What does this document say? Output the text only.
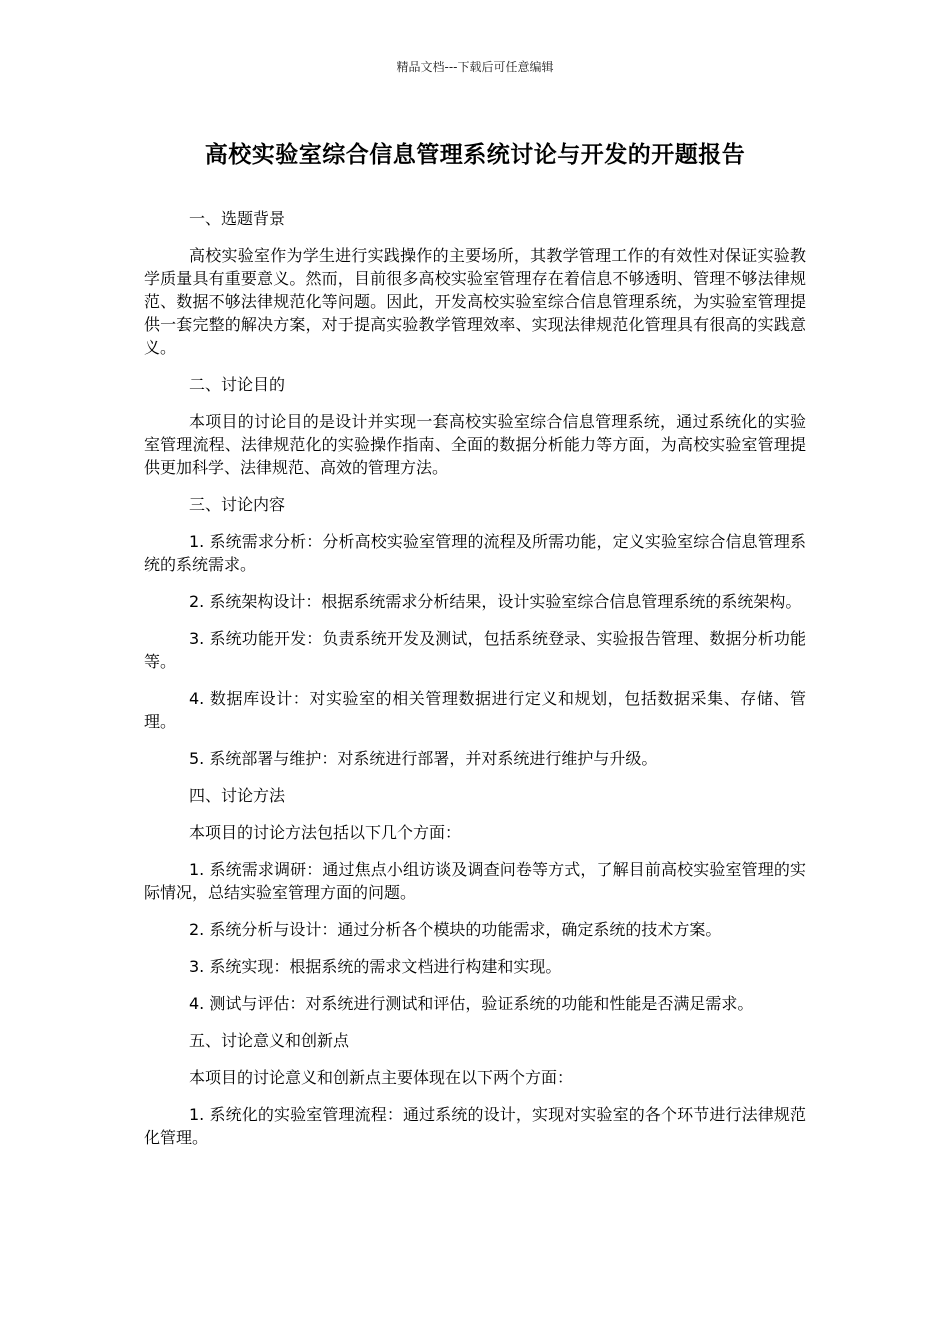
精品文档---下载后可任意编辑
高校实验室综合信息管理系统讨论与开发的开题报告

一、选题背景

高校实验室作为学生进行实践操作的主要场所，其教学管理工作的有效性对保证实验教学质量具有重要意义。然而，目前很多高校实验室管理存在着信息不够透明、管理不够法律规范、数据不够法律规范化等问题。因此，开发高校实验室综合信息管理系统，为实验室管理提供一套完整的解决方案，对于提高实验教学管理效率、实现法律规范化管理具有很高的实践意义。

二、讨论目的

本项目的讨论目的是设计并实现一套高校实验室综合信息管理系统，通过系统化的实验室管理流程、法律规范化的实验操作指南、全面的数据分析能力等方面，为高校实验室管理提供更加科学、法律规范、高效的管理方法。

三、讨论内容

1. 系统需求分析：分析高校实验室管理的流程及所需功能，定义实验室综合信息管理系统的系统需求。

2. 系统架构设计：根据系统需求分析结果，设计实验室综合信息管理系统的系统架构。

3. 系统功能开发：负责系统开发及测试，包括系统登录、实验报告管理、数据分析功能等。

4. 数据库设计：对实验室的相关管理数据进行定义和规划，包括数据采集、存储、管理。

5. 系统部署与维护：对系统进行部署，并对系统进行维护与升级。

四、讨论方法

本项目的讨论方法包括以下几个方面：

1. 系统需求调研：通过焦点小组访谈及调查问卷等方式，了解目前高校实验室管理的实际情况，总结实验室管理方面的问题。

2. 系统分析与设计：通过分析各个模块的功能需求，确定系统的技术方案。

3. 系统实现：根据系统的需求文档进行构建和实现。

4. 测试与评估：对系统进行测试和评估，验证系统的功能和性能是否满足需求。

五、讨论意义和创新点

本项目的讨论意义和创新点主要体现在以下两个方面：

1. 系统化的实验室管理流程：通过系统的设计，实现对实验室的各个环节进行法律规范化管理。
